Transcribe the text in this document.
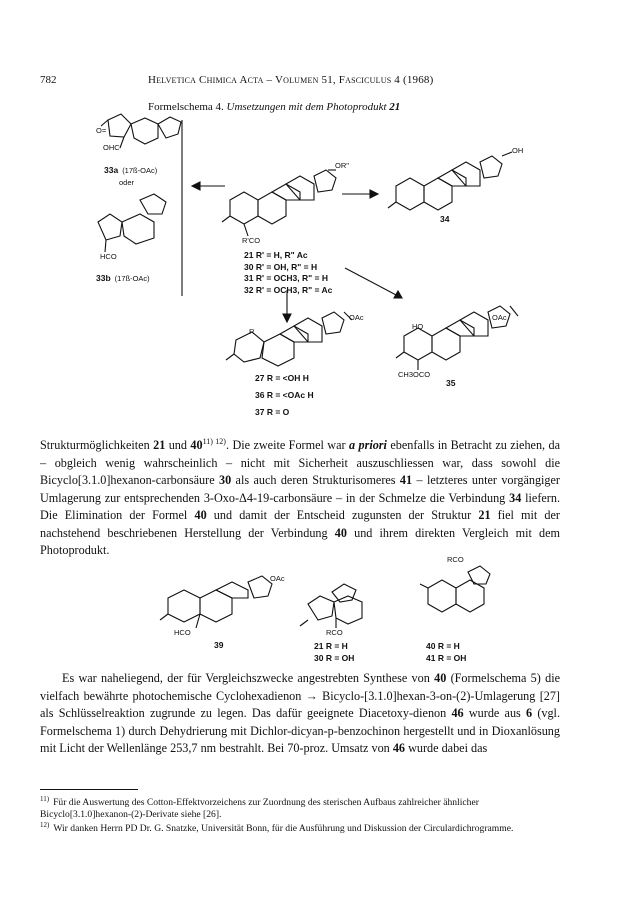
782	Helvetica Chimica Acta – Volumen 51, Fasciculus 4 (1968)
Formelschema 4. Umsetzungen mit dem Photoprodukt 21
O=
OHC
33a (17ß-OAc)
oder
HCO
33b (17ß-OAc)
OR"
R'CO
21 R' = H, R" Ac
30 R' = OH, R" = H
31 R' = OCH3, R" = H
32 R' = OCH3, R" = Ac
OH
34
OAc
R
27 R = <OH H
36 R = <OAc H
37 R = O
HO
OAc
CH3OCO
35

Strukturmöglichkeiten 21 und $40^{11) 12)}$. Die zweite Formel war a priori ebenfalls in Betracht zu ziehen, da – obgleich wenig wahrscheinlich – nicht mit Sicherheit auszuschliessen war, dass sowohl die Bicyclo[3.1.0]hexanon-carbonsäure 30 als auch deren Strukturisomeres 41 – letzteres unter vorgängiger Umlagerung zur entsprechenden 3-Oxo-Δ4-19-carbonsäure – in der Schmelze die Verbindung 34 liefern. Die Elimination der Formel 40 und damit der Entscheid zugunsten der Struktur 21 fiel mit der nachstehend beschriebenen Herstellung der Verbindung 40 und ihrem direkten Vergleich mit dem Photoprodukt.

OAc
HCO
39
RCO
21 R = H
30 R = OH
RCO
40 R = H
41 R = OH

Es war naheliegend, der für Vergleichszwecke angestrebten Synthese von 40 (Formelschema 5) die vielfach bewährte photochemische Cyclohexadienon → Bicyclo-[3.1.0]hexan-3-on-(2)-Umlagerung [27] als Schlüsselreaktion zugrunde zu legen. Das dafür geeignete Diacetoxy-dienon 46 wurde aus 6 (vgl. Formelschema 1) durch Dehydrierung mit Dichlor-dicyan-p-benzochinon hergestellt und in Dioxanlösung mit Licht der Wellenlänge 253,7 nm bestrahlt. Bei 70-proz. Umsatz von 46 wurde dabei das

$^{11)}$ Für die Auswertung des Cotton-Effektvorzeichens zur Zuordnung des sterischen Aufbaus zahlreicher ähnlicher Bicyclo[3.1.0]hexanon-(2)-Derivate siehe [26].
$^{12)}$ Wir danken Herrn PD Dr. G. Snatzke, Universität Bonn, für die Ausführung und Diskussion der Circulardichrogramme.
